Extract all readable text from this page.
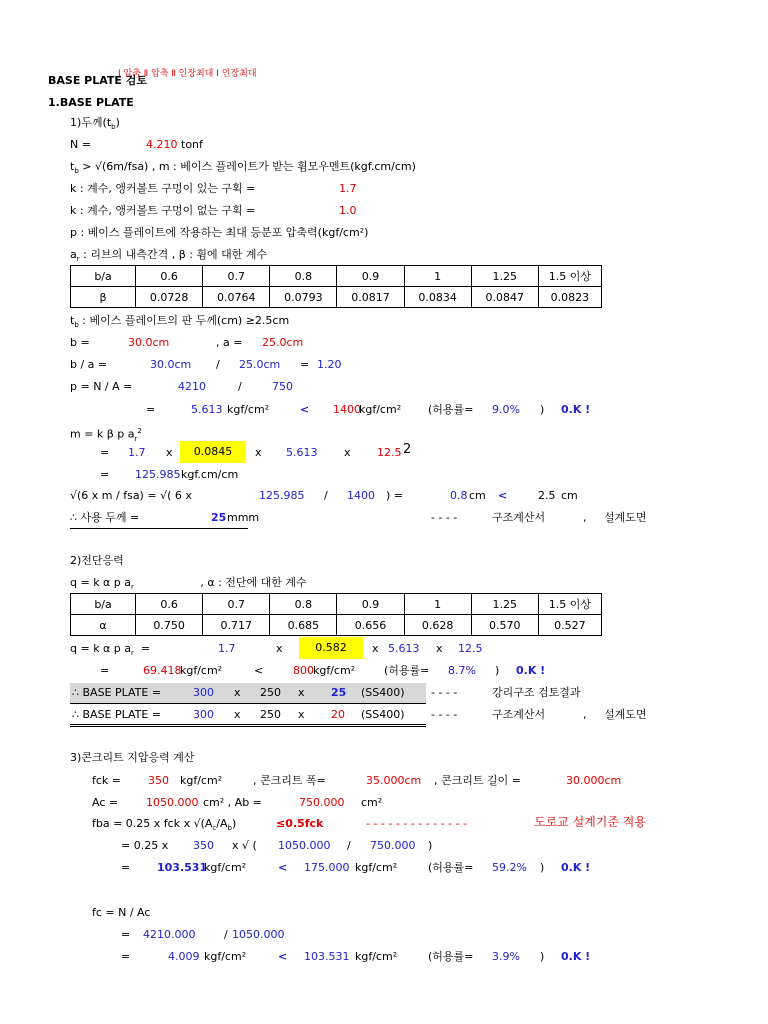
BASE PLATE 검토
Ⅰ 압축 Ⅱ 압축 Ⅱ 인장최대 Ⅰ 인장최대
1.BASE PLATE
1)두께$(t_b)$
N =	4.210 tonf
$t_b > √(6m/fsa)$ , m : 베이스 플레이트가 받는 휨모우멘트(kgf.cm/cm)
k : 계수, 앵커볼트 구멍이 있는 구획 =	1.7
k : 계수, 앵커볼트 구멍이 없는 구획 =	1.0
p : 베이스 플레이트에 작용하는 최대 등분포 압축력(kgf/cm²)
$a_r$ : 리브의 내측간격 , β : 휨에 대한 계수
b/a	0.6	0.7	0.8	0.9	1	1.25	1.5 이상
β	0.0728	0.0764	0.0793	0.0817	0.0834	0.0847	0.0823
$t_b$ : 베이스 플레이트의 판 두께(cm) ≥2.5cm
b =	30.0cm	, a = 25.0cm
b / a =	30.0cm / 25.0cm = 1.20
p = N / A =	4210	/	750
=	5.613 kgf/cm²	< 1400
kgf/cm² (허용률= 9.0% ) 0.K !
m = k β p $a_r^2$
= 1.7 x	0.0845	x 5.613 x 12.5 2
= 125.985 kgf.cm/cm
√(6 x m / fsa) = √( 6 x	125.985 / 1400 ) =	0.8 cm <	2.5 cm
∴ 사용 두께 =	25 mmm	- - - -	구조계산서	, 설계도면
2)전단응력
q = k α p $a_r$	, α : 전단에 대한 계수
b/a	0.6	0.7	0.8	0.9	1	1.25	1.5 이상
α	0.750	0.717	0.685	0.656	0.628	0.570	0.527
q = k α p $a_r$ =	1.7	x	0.582	x 5.613 x 12.5
=	69.418
kgf/cm²	<	800 kgf/cm²	(허용률= 8.7% ) 0.K !
∴ BASE PLATE =	300 x 250 x 25 (SS400) - - - -	강리구조 검토결과
∴ BASE PLATE =	300 x 250 x 20 (SS400) - - - -	구조계산서	, 설계도면
3)콘크리트 지압응력 계산
fck = 350 kgf/cm²	, 콘크리트 폭=	35.000cm , 콘크리트 길이 =	30.000cm
Ac =	1050.000 cm² , Ab =	750.000 cm²
fba = 0.25 x fck x $√(A_c/A_b)$	≤0.5fck	- - - - - - - - - - - - - -	도로교 설계기준 적용
= 0.25 x 350 x √ ( 1050.000 / 750.000 )
= 103.531
kgf/cm²	< 175.000 kgf/cm²	(허용률= 59.2% ) 0.K !
fc = N / Ac
= 4210.000	/ 1050.000
=	4.009 kgf/cm²	< 103.531 kgf/cm²	(허용률= 3.9% ) 0.K !
